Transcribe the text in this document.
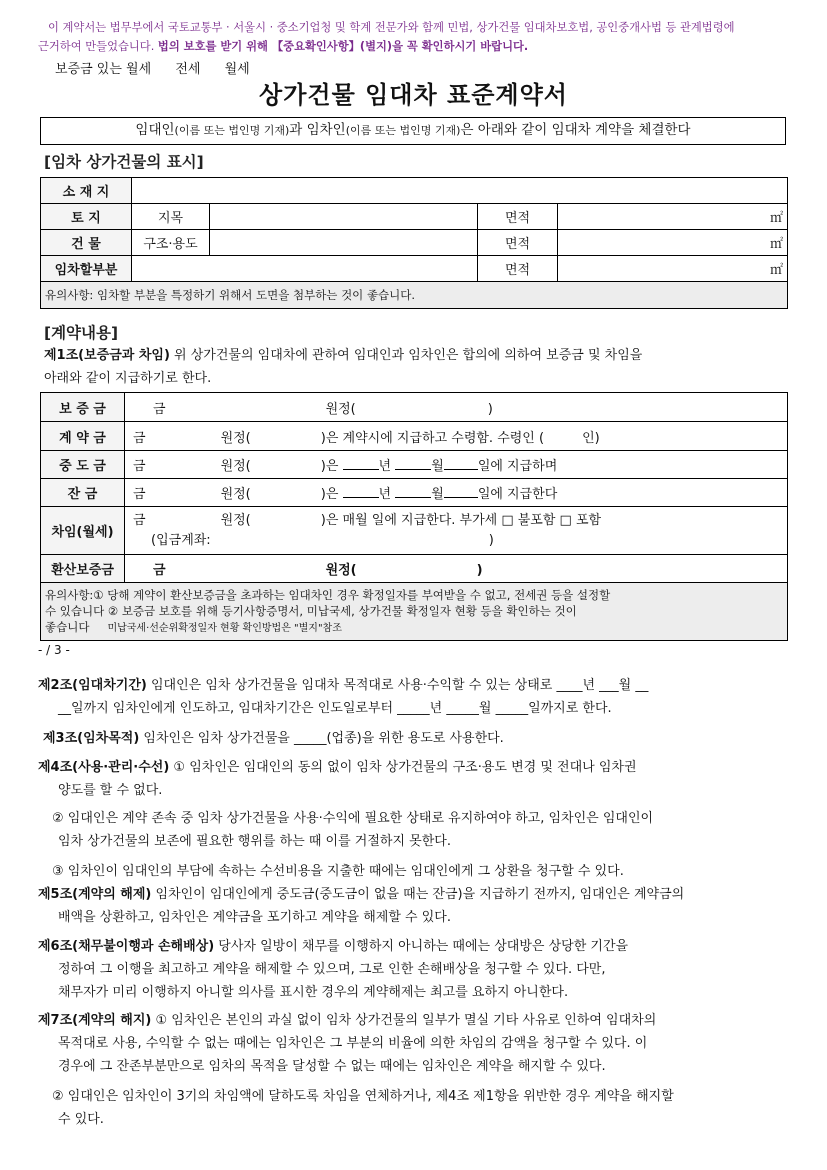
이 계약서는 법무부에서 국토교통부 · 서울시 · 중소기업청 및 학계 전문가와 함께 민법, 상가건물 임대차보호법, 공인중개사법 등 관계법령에
근거하여 만들었습니다. 법의 보호를 받기 위해 【중요확인사항】(별지)을 꼭 확인하시기 바랍니다.
보증금 있는 월세 전세 월세
상가건물 임대차 표준계약서
임대인(이름 또는 법인명 기재)과 임차인(이름 또는 법인명 기재)은 아래와 같이 임대차 계약을 체결한다
[임차 상가건물의 표시]
소 재 지				
토 지	지목		면적	㎡
건 물	구조·용도		면적	㎡
임차할부분			면적	㎡
유의사항: 임차할 부분을 특정하기 위해서 도면을 첨부하는 것이 좋습니다.				
[계약내용]
제1조(보증금과 차임) 위 상가건물의 임대차에 관하여 임대인과 임차인은 합의에 의하여 보증금 및 차임을
아래와 같이 지급하기로 한다.
보 증 금	금 원정( )
계 약 금	금 원정( )은 계약시에 지급하고 수령함. 수령인 ( 인)
중 도 금	금 원정( )은 년 월 일에 지급하며
잔 금	금 원정( )은 년 월 일에 지급한다
차임(월세)	금 원정( )은 매월 일에 지급한다. 부가세 □ 불포함 □ 포함
(입금계좌: )

환산보증금	금 원정( )

유의사항:① 당해 계약이 환산보증금을 초과하는 임대차인 경우 확정일자를 부여받을 수 없고, 전세권 등을 설정할
수 있습니다 ② 보증금 보호를 위해 등기사항증명서, 미납국세, 상가건물 확정일자 현황 등을 확인하는 것이
좋습니다 미납국세·선순위확정일자 현황 확인방법은 "별지"참조	
- / 3 -
제2조(임대차기간) 임대인은 임차 상가건물을 임대차 목적대로 사용·수익할 수 있는 상태로 ____년 ___월 __
__일까지 임차인에게 인도하고, 임대차기간은 인도일로부터 _____년 _____월 _____일까지로 한다.
제3조(임차목적) 임차인은 임차 상가건물을 _____(업종)을 위한 용도로 사용한다.
제4조(사용·관리·수선) ① 임차인은 임대인의 동의 없이 임차 상가건물의 구조·용도 변경 및 전대나 임차권
양도를 할 수 없다.
② 임대인은 계약 존속 중 임차 상가건물을 사용·수익에 필요한 상태로 유지하여야 하고, 임차인은 임대인이
임차 상가건물의 보존에 필요한 행위를 하는 때 이를 거절하지 못한다.
③ 임차인이 임대인의 부담에 속하는 수선비용을 지출한 때에는 임대인에게 그 상환을 청구할 수 있다.
제5조(계약의 해제) 임차인이 임대인에게 중도금(중도금이 없을 때는 잔금)을 지급하기 전까지, 임대인은 계약금의
배액을 상환하고, 임차인은 계약금을 포기하고 계약을 해제할 수 있다.
제6조(채무불이행과 손해배상) 당사자 일방이 채무를 이행하지 아니하는 때에는 상대방은 상당한 기간을
정하여 그 이행을 최고하고 계약을 해제할 수 있으며, 그로 인한 손해배상을 청구할 수 있다. 다만,
채무자가 미리 이행하지 아니할 의사를 표시한 경우의 계약해제는 최고를 요하지 아니한다.
제7조(계약의 해지) ① 임차인은 본인의 과실 없이 임차 상가건물의 일부가 멸실 기타 사유로 인하여 임대차의
목적대로 사용, 수익할 수 없는 때에는 임차인은 그 부분의 비율에 의한 차임의 감액을 청구할 수 있다. 이
경우에 그 잔존부분만으로 임차의 목적을 달성할 수 없는 때에는 임차인은 계약을 해지할 수 있다.
② 임대인은 임차인이 3기의 차임액에 달하도록 차임을 연체하거나, 제4조 제1항을 위반한 경우 계약을 해지할
수 있다.
